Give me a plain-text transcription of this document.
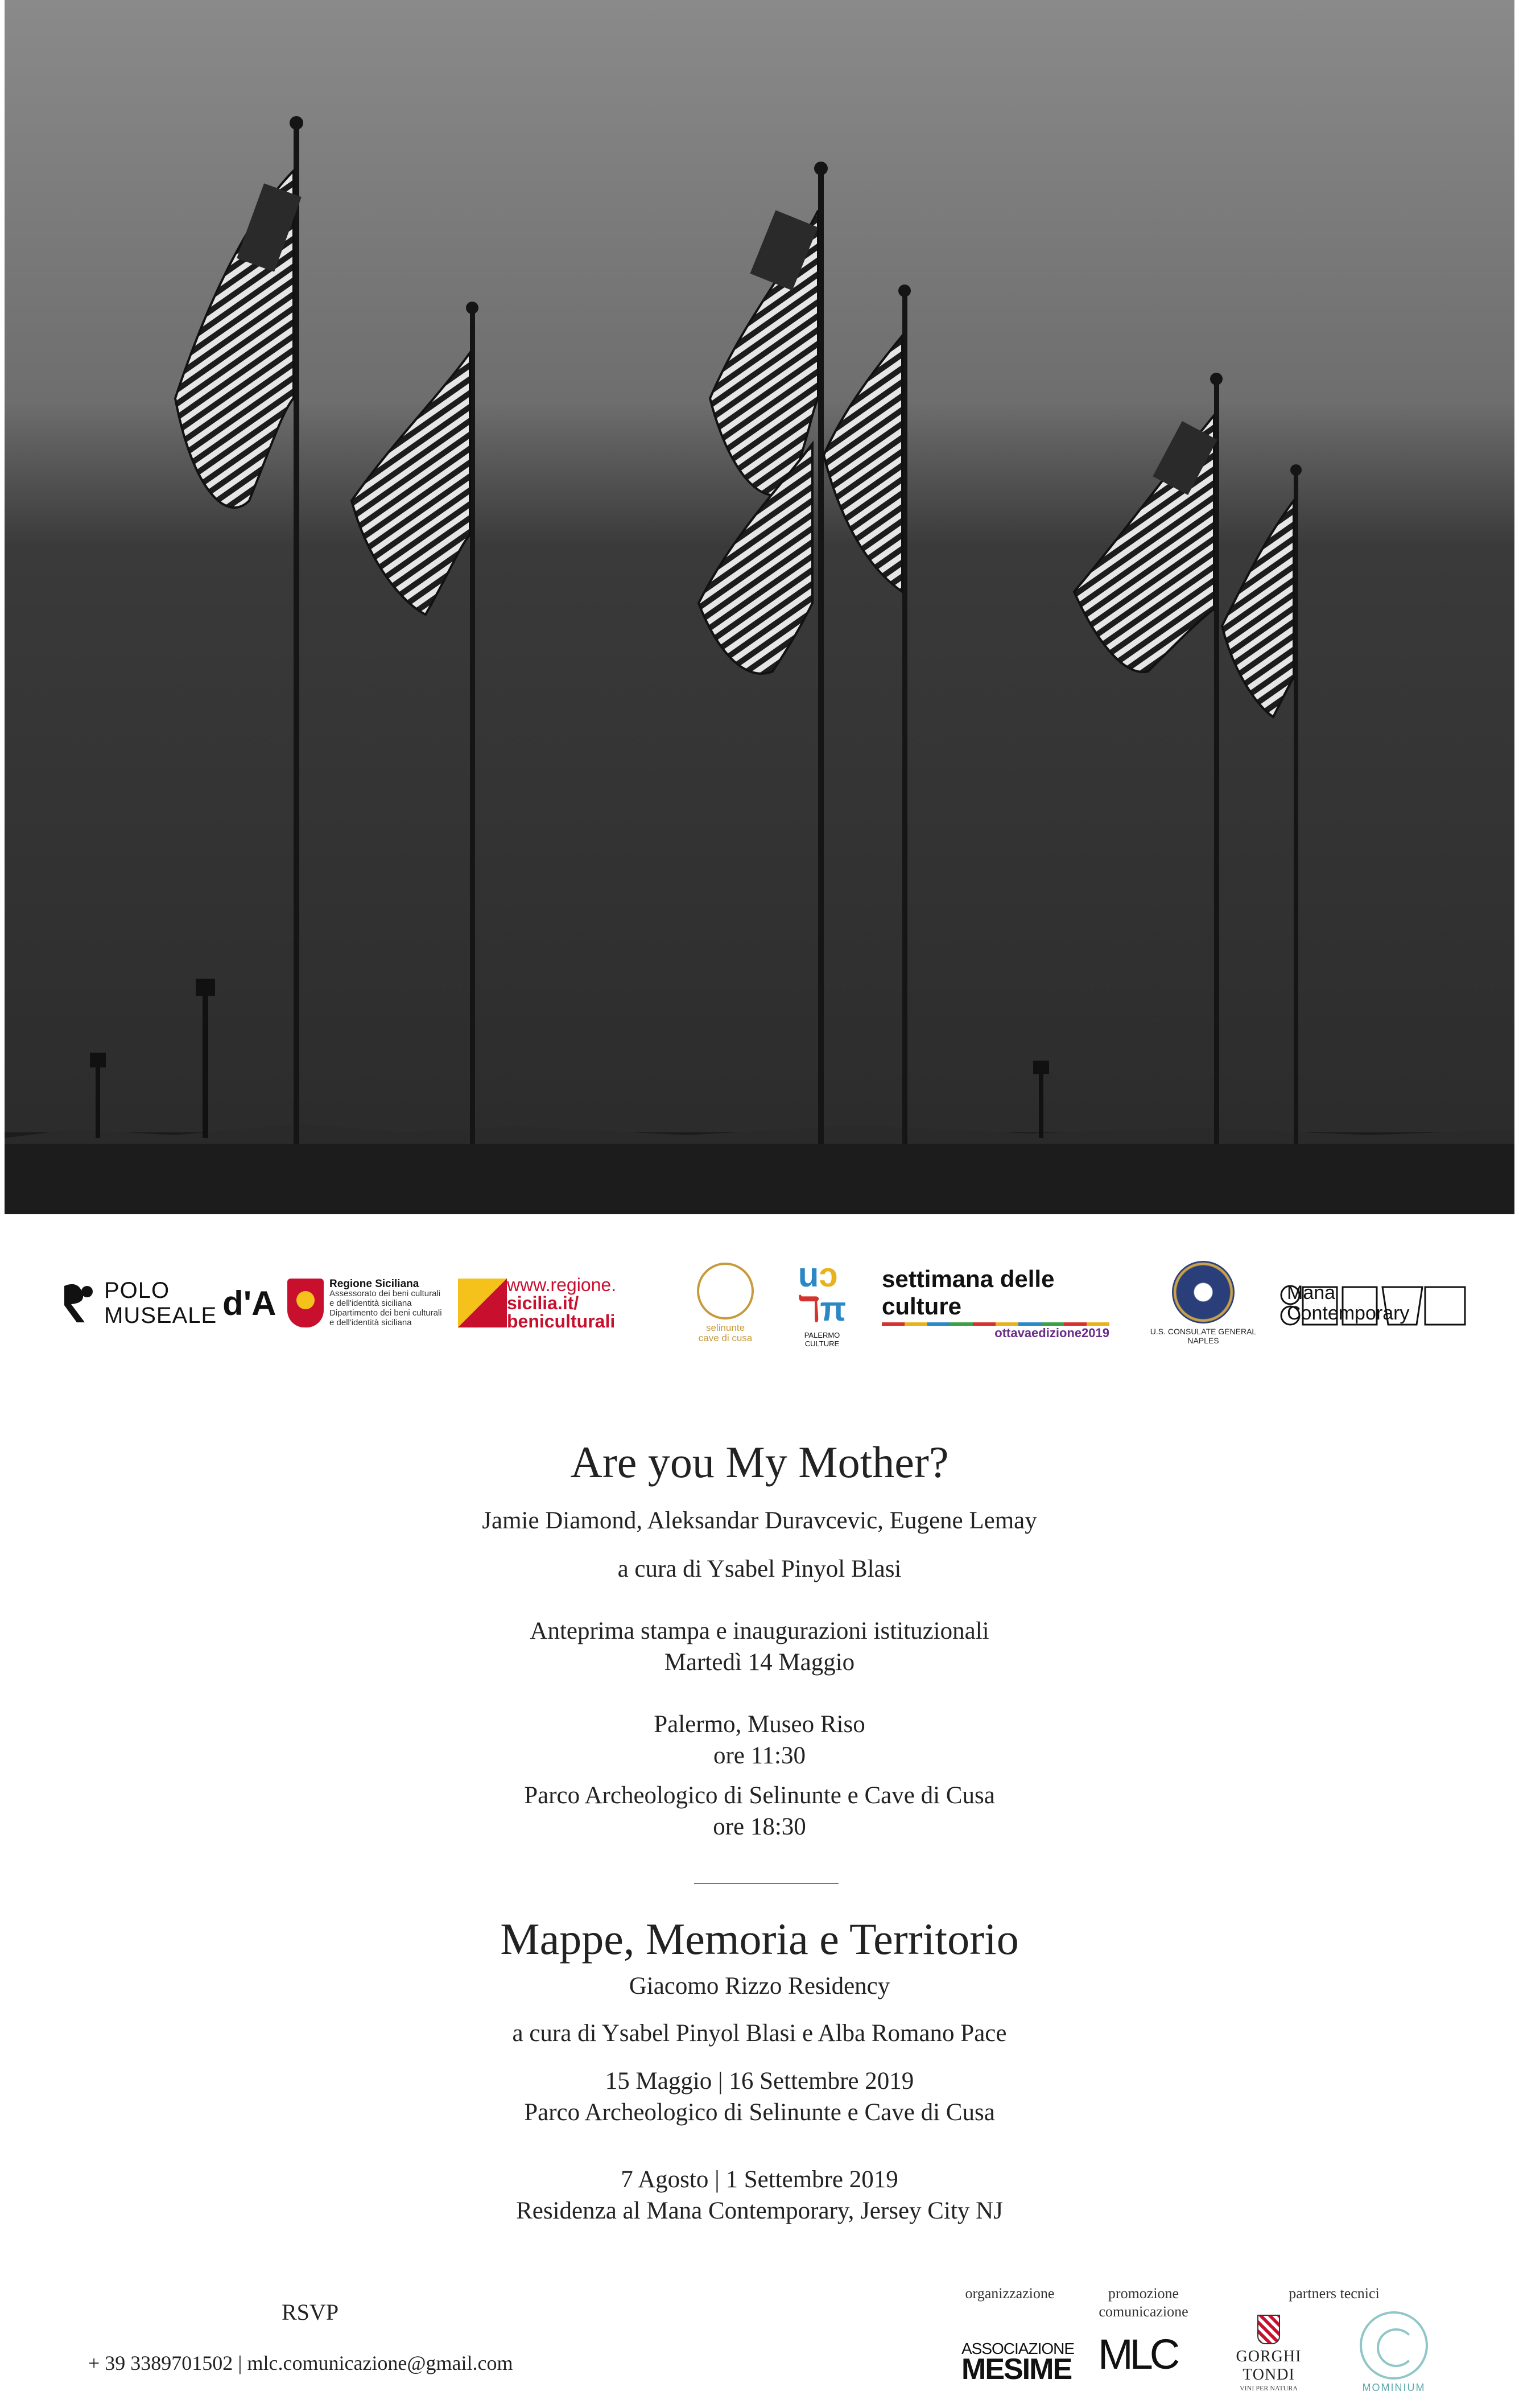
POLO
MUSEALE d'A
Regione Siciliana
Assessorato dei beni culturali
e dell'identità siciliana
Dipartimento dei beni culturali
e dell'identità siciliana
www.regione.
sicilia.it/
beniculturali	selinunte
cave di cusa
uɔ
ℸπ
PALERMO
CULTURE
settimana delle culture
ottavaedizione2019	U.S. CONSULATE GENERAL
NAPLES
Mana
Contemporary
Are you My Mother?
Jamie Diamond, Aleksandar Duravcevic, Eugene Lemay
a cura di Ysabel Pinyol Blasi
Anteprima stampa e inaugurazioni istituzionali
Martedì 14 Maggio
Palermo, Museo Riso
ore 11:30
Parco Archeologico di Selinunte e Cave di Cusa
ore 18:30
Mappe, Memoria e Territorio
Giacomo Rizzo Residency
a cura di Ysabel Pinyol Blasi e Alba Romano Pace
15 Maggio | 16 Settembre 2019
Parco Archeologico di Selinunte e Cave di Cusa
7 Agosto | 1 Settembre 2019
Residenza al Mana Contemporary, Jersey City NJ
RSVP
+ 39 3389701502 | mlc.comunicazione@gmail.com
organizzazione	promozione
comunicazione
partners tecnici
ASSOCIAZIONE
MESIME MLC	GORGHI TONDI
VINI PER NATURA	MOMINIUM
